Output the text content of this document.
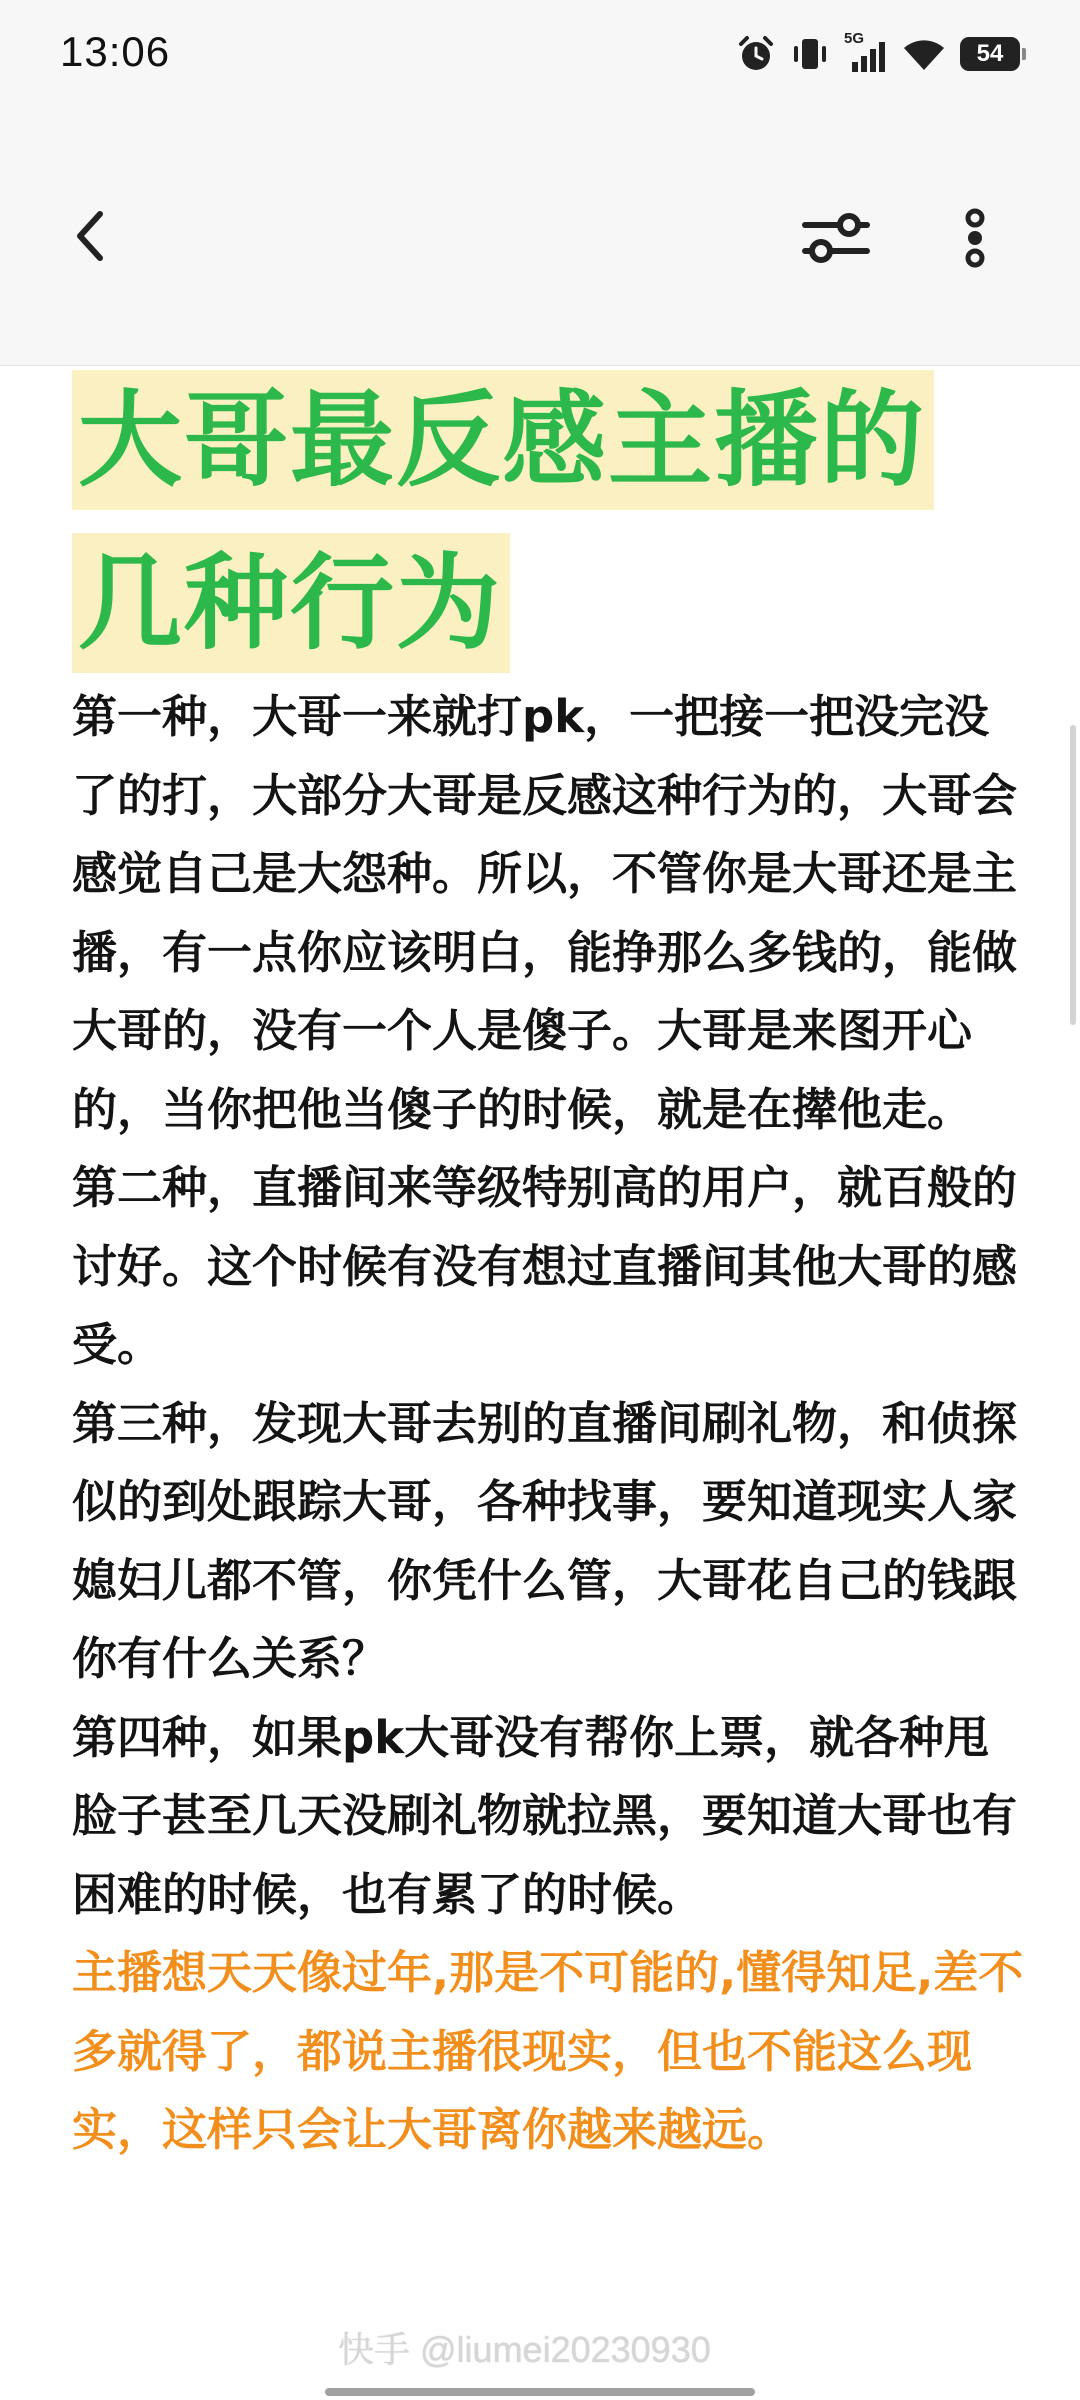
13:06	5G
54
大哥最反感主播的
几种行为

第一种，大哥一来就打pk，一把接一把没完没了的打，大部分大哥是反感这种行为的，大哥会感觉自己是大怨种。所以，不管你是大哥还是主播，有一点你应该明白，能挣那么多钱的，能做大哥的，没有一个人是傻子。大哥是来图开心的，当你把他当傻子的时候，就是在撵他走。

第二种，直播间来等级特别高的用户，就百般的讨好。这个时候有没有想过直播间其他大哥的感受。

第三种，发现大哥去别的直播间刷礼物，和侦探似的到处跟踪大哥，各种找事，要知道现实人家媳妇儿都不管，你凭什么管，大哥花自己的钱跟你有什么关系？

第四种，如果pk大哥没有帮你上票，就各种甩脸子甚至几天没刷礼物就拉黑，要知道大哥也有困难的时候，也有累了的时候。

主播想天天像过年,那是不可能的,懂得知足,差不多就得了，都说主播很现实，但也不能这么现实，这样只会让大哥离你越来越远。

快手 @liumei20230930
